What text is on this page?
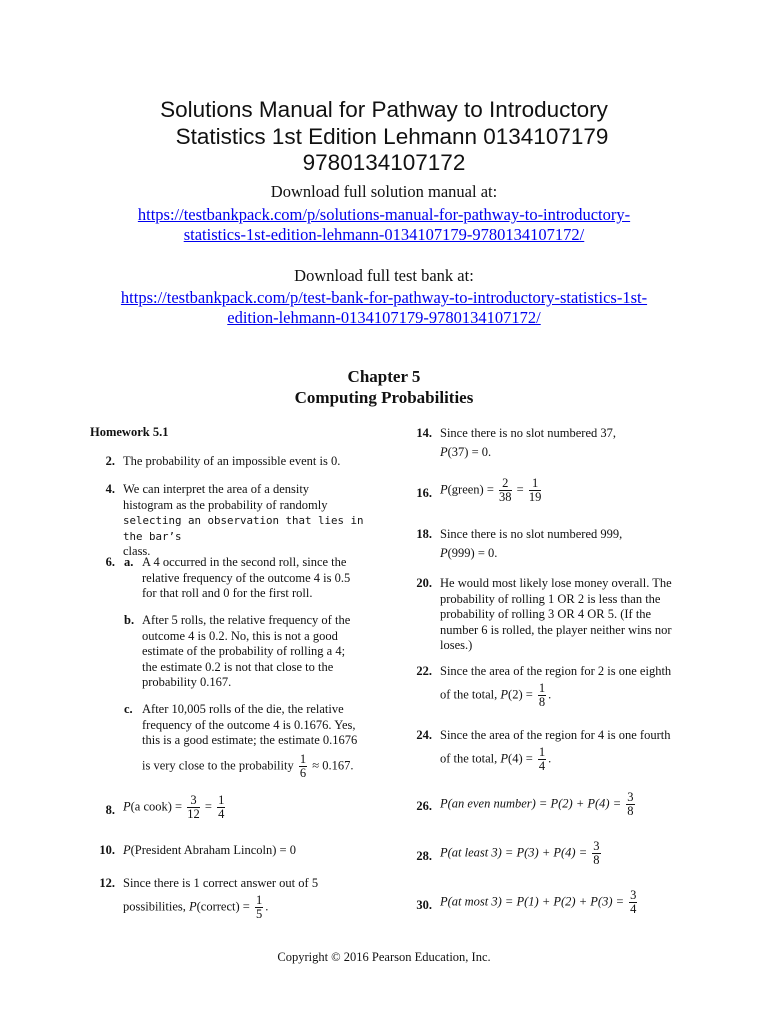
Solutions Manual for Pathway to Introductory
Statistics 1st Edition Lehmann 0134107179
9780134107172
Download full solution manual at:
https://testbankpack.com/p/solutions-manual-for-pathway-to-introductory-
statistics-1st-edition-lehmann-0134107179-9780134107172/
Download full test bank at:
https://testbankpack.com/p/test-bank-for-pathway-to-introductory-statistics-1st-
edition-lehmann-0134107179-9780134107172/
Chapter 5
Computing Probabilities
Homework 5.1
2. The probability of an impossible event is 0.
4. We can interpret the area of a density
histogram as the probability of randomly
selecting an observation that lies in the bar’s
class.
6. a. A 4 occurred in the second roll, since the
relative frequency of the outcome 4 is 0.5
for that roll and 0 for the first roll.
b. After 5 rolls, the relative frequency of the
outcome 4 is 0.2. No, this is not a good
estimate of the probability of rolling a 4;
the estimate 0.2 is not that close to the
probability 0.167.
c. After 10,005 rolls of the die, the relative
frequency of the outcome 4 is 0.1676. Yes,
this is a good estimate; the estimate 0.1676
is very close to the probability $\frac{1}{6} \approx 0.167$.
8. P(a cook) = $\frac{3}{12} = \frac{1}{4}$
10. P(President Abraham Lincoln) = 0
12. Since there is 1 correct answer out of 5
possibilities, P(correct) = $\frac{1}{5}$ .
14. Since there is no slot numbered 37,
P(37) = 0.
16. P(green) = $\frac{2}{38} = \frac{1}{19}$
18. Since there is no slot numbered 999,
P(999) = 0.
20. He would most likely lose money overall. The
probability of rolling 1 OR 2 is less than the
probability of rolling 3 OR 4 OR 5. (If the
number 6 is rolled, the player neither wins nor
loses.)
22. Since the area of the region for 2 is one eighth
of the total, $P(2) = \frac{1}{8}$ .
24. Since the area of the region for 4 is one fourth
of the total, $P(4) = \frac{1}{4}$ .
26. P(an even number) = $P(2) + P(4) = \frac{3}{8}$
28. P(at least $3) = P(3) + P(4) = \frac{3}{8}$
30. P(at most $3) = P(1) + P(2) + P(3) = \frac{3}{4}$
Copyright © 2016 Pearson Education, Inc.
